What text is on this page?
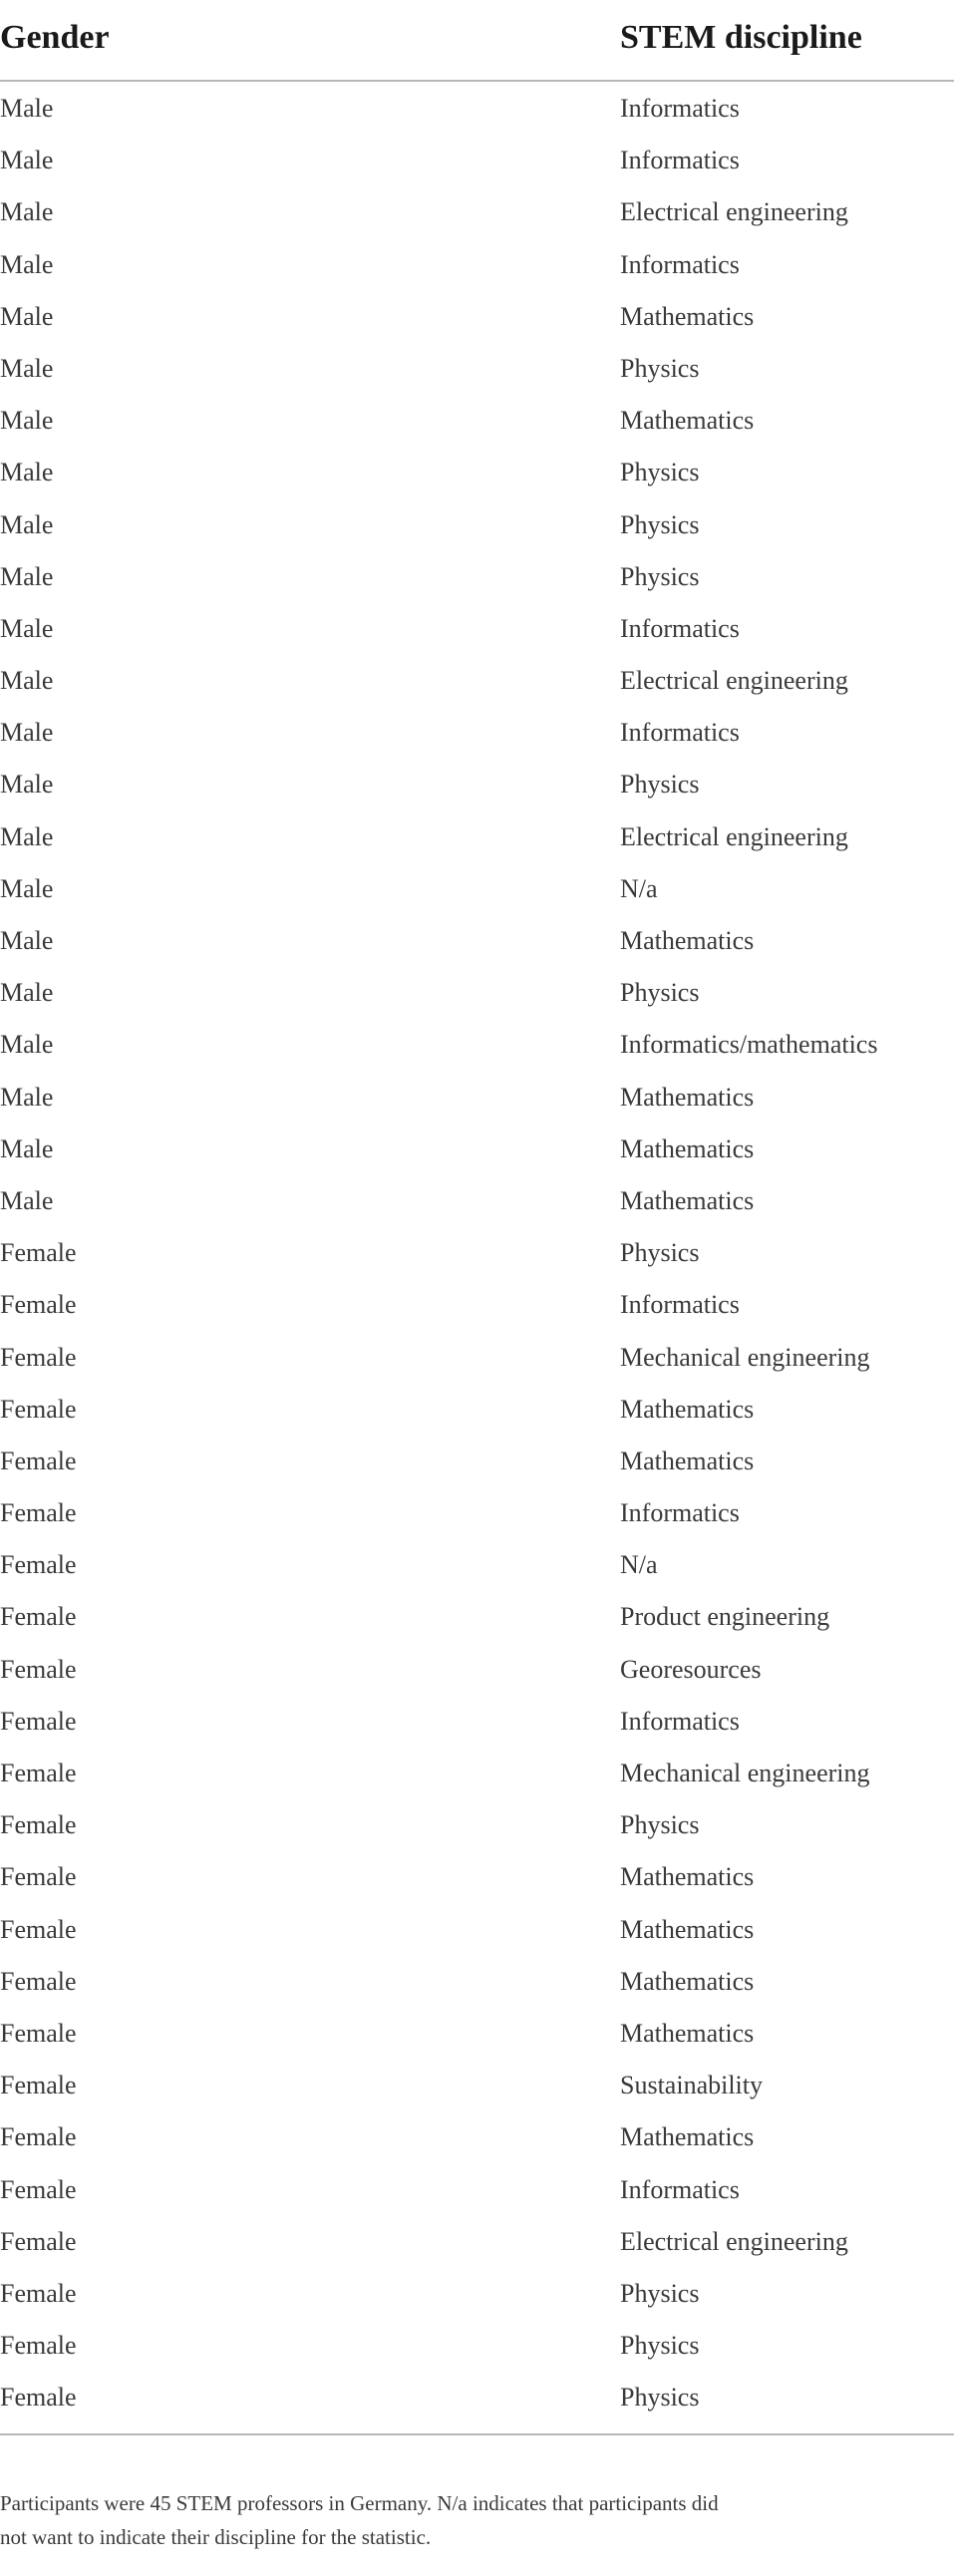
Gender	STEM discipline
Male	Informatics
Male	Informatics
Male	Electrical engineering
Male	Informatics
Male	Mathematics
Male	Physics
Male	Mathematics
Male	Physics
Male	Physics
Male	Physics
Male	Informatics
Male	Electrical engineering
Male	Informatics
Male	Physics
Male	Electrical engineering
Male	N/a
Male	Mathematics
Male	Physics
Male	Informatics/mathematics
Male	Mathematics
Male	Mathematics
Male	Mathematics
Female	Physics
Female	Informatics
Female	Mechanical engineering
Female	Mathematics
Female	Mathematics
Female	Informatics
Female	N/a
Female	Product engineering
Female	Georesources
Female	Informatics
Female	Mechanical engineering
Female	Physics
Female	Mathematics
Female	Mathematics
Female	Mathematics
Female	Mathematics
Female	Sustainability
Female	Mathematics
Female	Informatics
Female	Electrical engineering
Female	Physics
Female	Physics
Female	Physics
Participants were 45 STEM professors in Germany. N/a indicates that participants did
not want to indicate their discipline for the statistic.
